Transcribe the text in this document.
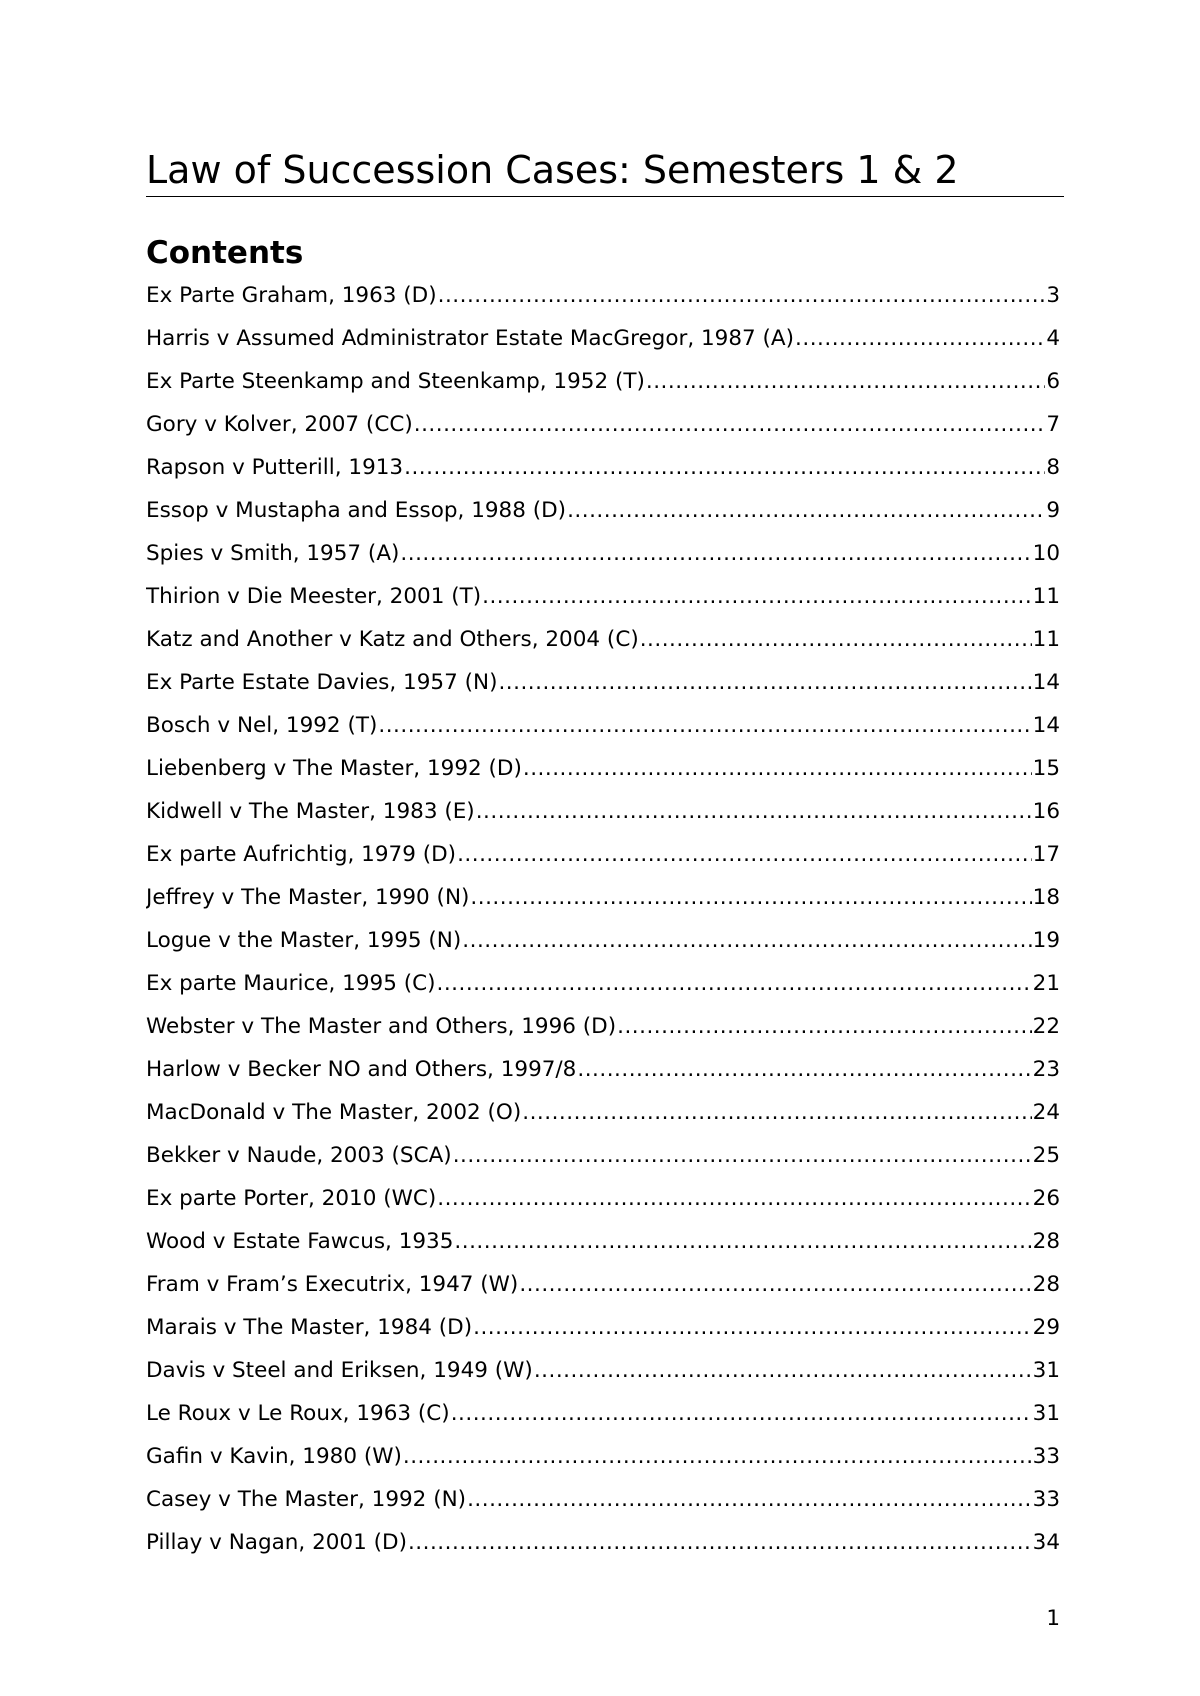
Law of Succession Cases: Semesters 1 & 2
Contents
Ex Parte Graham, 1963 (D) .....	3
Harris v Assumed Administrator Estate MacGregor, 1987 (A) .....	4
Ex Parte Steenkamp and Steenkamp, 1952 (T) .....	6
Gory v Kolver, 2007 (CC) .....	7
Rapson v Putterill, 1913 .....	8
Essop v Mustapha and Essop, 1988 (D) .....	9
Spies v Smith, 1957 (A) .....	10
Thirion v Die Meester, 2001 (T) .....	11
Katz and Another v Katz and Others, 2004 (C) .....	11
Ex Parte Estate Davies, 1957 (N) .....	14
Bosch v Nel, 1992 (T) .....	14
Liebenberg v The Master, 1992 (D) .....	15
Kidwell v The Master, 1983 (E) .....	16
Ex parte Aufrichtig, 1979 (D) .....	17
Jeffrey v The Master, 1990 (N) .....	18
Logue v the Master, 1995 (N) .....	19
Ex parte Maurice, 1995 (C) .....	21
Webster v The Master and Others, 1996 (D) .....	22
Harlow v Becker NO and Others, 1997/8 .....	23
MacDonald v The Master, 2002 (O) .....	24
Bekker v Naude, 2003 (SCA) .....	25
Ex parte Porter, 2010 (WC) .....	26
Wood v Estate Fawcus, 1935 .....	28
Fram v Fram’s Executrix, 1947 (W) .....	28
Marais v The Master, 1984 (D) .....	29
Davis v Steel and Eriksen, 1949 (W) .....	31
Le Roux v Le Roux, 1963 (C) .....	31
Gafin v Kavin, 1980 (W) .....	33
Casey v The Master, 1992 (N) .....	33
Pillay v Nagan, 2001 (D) .....	34
1
